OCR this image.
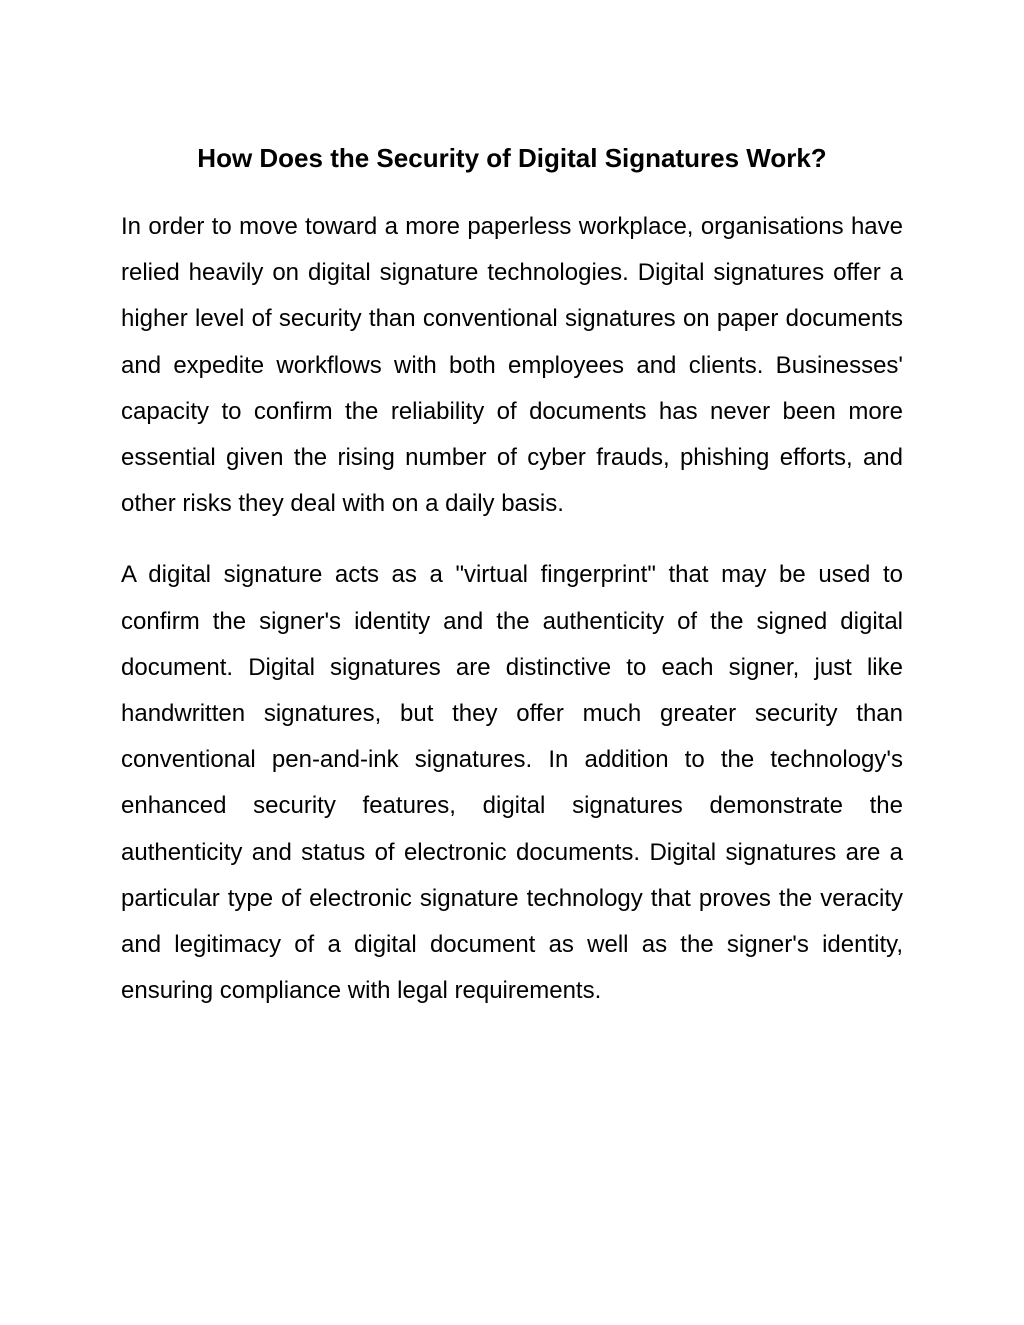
How Does the Security of Digital Signatures Work?

In order to move toward a more paperless workplace, organisations have relied heavily on digital signature technologies. Digital signatures offer a higher level of security than conventional signatures on paper documents and expedite workflows with both employees and clients. Businesses' capacity to confirm the reliability of documents has never been more essential given the rising number of cyber frauds, phishing efforts, and other risks they deal with on a daily basis.

A digital signature acts as a "virtual fingerprint" that may be used to confirm the signer's identity and the authenticity of the signed digital document. Digital signatures are distinctive to each signer, just like handwritten signatures, but they offer much greater security than conventional pen-and-ink signatures. In addition to the technology's enhanced security features, digital signatures demonstrate the authenticity and status of electronic documents. Digital signatures are a particular type of electronic signature technology that proves the veracity and legitimacy of a digital document as well as the signer's identity, ensuring compliance with legal requirements.
